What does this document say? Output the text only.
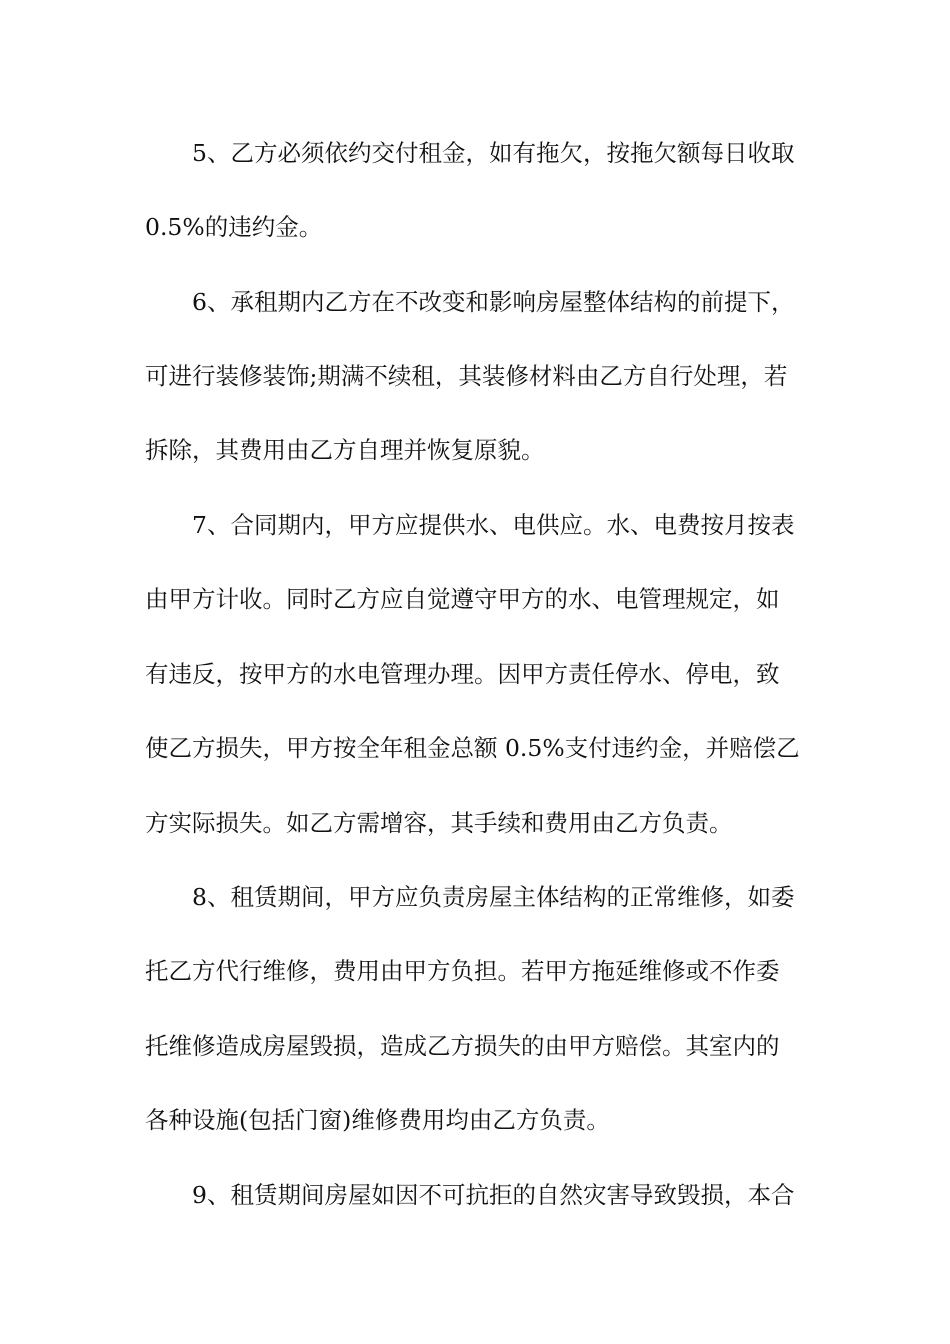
5、乙方必须依约交付租金，如有拖欠，按拖欠额每日收取
0.5%的违约金。
6、承租期内乙方在不改变和影响房屋整体结构的前提下，
可进行装修装饰;期满不续租，其装修材料由乙方自行处理，若
拆除，其费用由乙方自理并恢复原貌。
7、合同期内，甲方应提供水、电供应。水、电费按月按表
由甲方计收。同时乙方应自觉遵守甲方的水、电管理规定，如
有违反，按甲方的水电管理办理。因甲方责任停水、停电，致
使乙方损失，甲方按全年租金总额 0.5%支付违约金，并赔偿乙
方实际损失。如乙方需增容，其手续和费用由乙方负责。
8、租赁期间，甲方应负责房屋主体结构的正常维修，如委
托乙方代行维修，费用由甲方负担。若甲方拖延维修或不作委
托维修造成房屋毁损，造成乙方损失的由甲方赔偿。其室内的
各种设施(包括门窗)维修费用均由乙方负责。
9、租赁期间房屋如因不可抗拒的自然灾害导致毁损，本合
